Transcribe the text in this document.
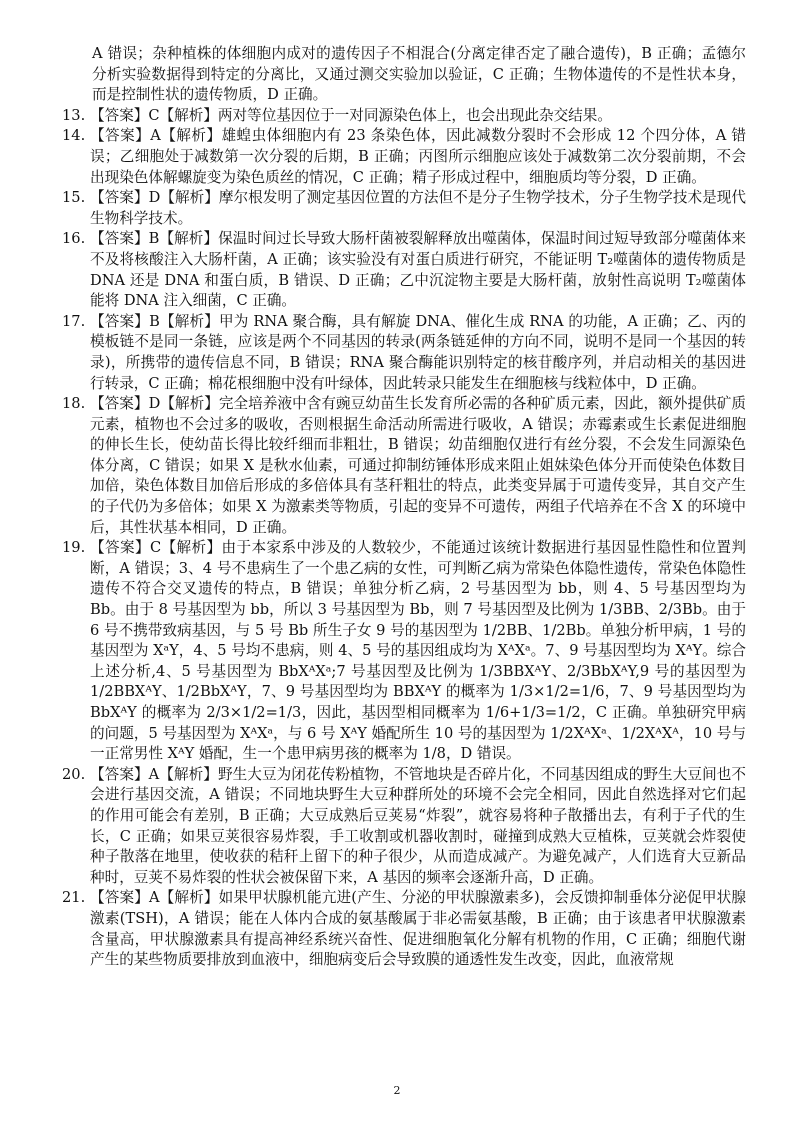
A 错误；杂种植株的体细胞内成对的遗传因子不相混合(分离定律否定了融合遗传)，B 正确；孟德尔分析实验数据得到特定的分离比，又通过测交实验加以验证，C 正确；生物体遗传的不是性状本身，而是控制性状的遗传物质，D 正确。

13. 【答案】C【解析】两对等位基因位于一对同源染色体上，也会出现此杂交结果。

14. 【答案】A【解析】雄蝗虫体细胞内有 23 条染色体，因此减数分裂时不会形成 12 个四分体，A 错误；乙细胞处于减数第一次分裂的后期，B 正确；丙图所示细胞应该处于减数第二次分裂前期，不会出现染色体解螺旋变为染色质丝的情况，C 正确；精子形成过程中，细胞质均等分裂，D 正确。

15. 【答案】D【解析】摩尔根发明了测定基因位置的方法但不是分子生物学技术，分子生物学技术是现代生物科学技术。

16. 【答案】B【解析】保温时间过长导致大肠杆菌被裂解释放出噬菌体，保温时间过短导致部分噬菌体来不及将核酸注入大肠杆菌，A 正确；该实验没有对蛋白质进行研究，不能证明 T₂噬菌体的遗传物质是 DNA 还是 DNA 和蛋白质，B 错误、D 正确；乙中沉淀物主要是大肠杆菌，放射性高说明 T₂噬菌体能将 DNA 注入细菌，C 正确。

17. 【答案】B【解析】甲为 RNA 聚合酶，具有解旋 DNA、催化生成 RNA 的功能，A 正确；乙、丙的模板链不是同一条链，应该是两个不同基因的转录(两条链延伸的方向不同，说明不是同一个基因的转录)，所携带的遗传信息不同，B 错误；RNA 聚合酶能识别特定的核苷酸序列，并启动相关的基因进行转录，C 正确；棉花根细胞中没有叶绿体，因此转录只能发生在细胞核与线粒体中，D 正确。

18. 【答案】D【解析】完全培养液中含有豌豆幼苗生长发育所必需的各种矿质元素，因此，额外提供矿质元素，植物也不会过多的吸收，否则根据生命活动所需进行吸收，A 错误；赤霉素或生长素促进细胞的伸长生长，使幼苗长得比较纤细而非粗壮，B 错误；幼苗细胞仅进行有丝分裂，不会发生同源染色体分离，C 错误；如果 X 是秋水仙素，可通过抑制纺锤体形成来阻止姐妹染色体分开而使染色体数目加倍，染色体数目加倍后形成的多倍体具有茎秆粗壮的特点，此类变异属于可遗传变异，其自交产生的子代仍为多倍体；如果 X 为激素类等物质，引起的变异不可遗传，两组子代培养在不含 X 的环境中后，其性状基本相同，D 正确。

19. 【答案】C【解析】由于本家系中涉及的人数较少，不能通过该统计数据进行基因显性隐性和位置判断，A 错误；3、4 号不患病生了一个患乙病的女性，可判断乙病为常染色体隐性遗传，常染色体隐性遗传不符合交叉遗传的特点，B 错误；单独分析乙病，2 号基因型为 bb，则 4、5 号基因型均为 Bb。由于 8 号基因型为 bb，所以 3 号基因型为 Bb，则 7 号基因型及比例为 1/3BB、2/3Bb。由于 6 号不携带致病基因，与 5 号 Bb 所生子女 9 号的基因型为 1/2BB、1/2Bb。单独分析甲病，1 号的基因型为 XᵃY，4、5 号均不患病，则 4、5 号的基因组成均为 XᴬXᵃ。7、9 号基因型均为 XᴬY。综合上述分析,4、5 号基因型为 BbXᴬXᵃ;7 号基因型及比例为 1/3BBXᴬY、2/3BbXᴬY,9 号的基因型为 1/2BBXᴬY、1/2BbXᴬY，7、9 号基因型均为 BBXᴬY 的概率为 1/3×1/2=1/6，7、9 号基因型均为 BbXᴬY 的概率为 2/3×1/2=1/3，因此，基因型相同概率为 1/6+1/3=1/2，C 正确。单独研究甲病的问题，5 号基因型为 XᴬXᵃ，与 6 号 XᴬY 婚配所生 10 号的基因型为 1/2XᴬXᵃ、1/2XᴬXᴬ，10 号与一正常男性 XᴬY 婚配，生一个患甲病男孩的概率为 1/8，D 错误。

20. 【答案】A【解析】野生大豆为闭花传粉植物，不管地块是否碎片化，不同基因组成的野生大豆间也不会进行基因交流，A 错误；不同地块野生大豆种群所处的环境不会完全相同，因此自然选择对它们起的作用可能会有差别，B 正确；大豆成熟后豆荚易“炸裂”，就容易将种子散播出去，有利于子代的生长，C 正确；如果豆荚很容易炸裂，手工收割或机器收割时，碰撞到成熟大豆植株，豆荚就会炸裂使种子散落在地里，使收获的秸秆上留下的种子很少，从而造成减产。为避免减产，人们选育大豆新品种时，豆荚不易炸裂的性状会被保留下来，A 基因的频率会逐渐升高，D 正确。

21. 【答案】A【解析】如果甲状腺机能亢进(产生、分泌的甲状腺激素多)，会反馈抑制垂体分泌促甲状腺激素(TSH)，A 错误；能在人体内合成的氨基酸属于非必需氨基酸，B 正确；由于该患者甲状腺激素含量高，甲状腺激素具有提高神经系统兴奋性、促进细胞氧化分解有机物的作用，C 正确；细胞代谢产生的某些物质要排放到血液中，细胞病变后会导致膜的通透性发生改变，因此，血液常规

2
